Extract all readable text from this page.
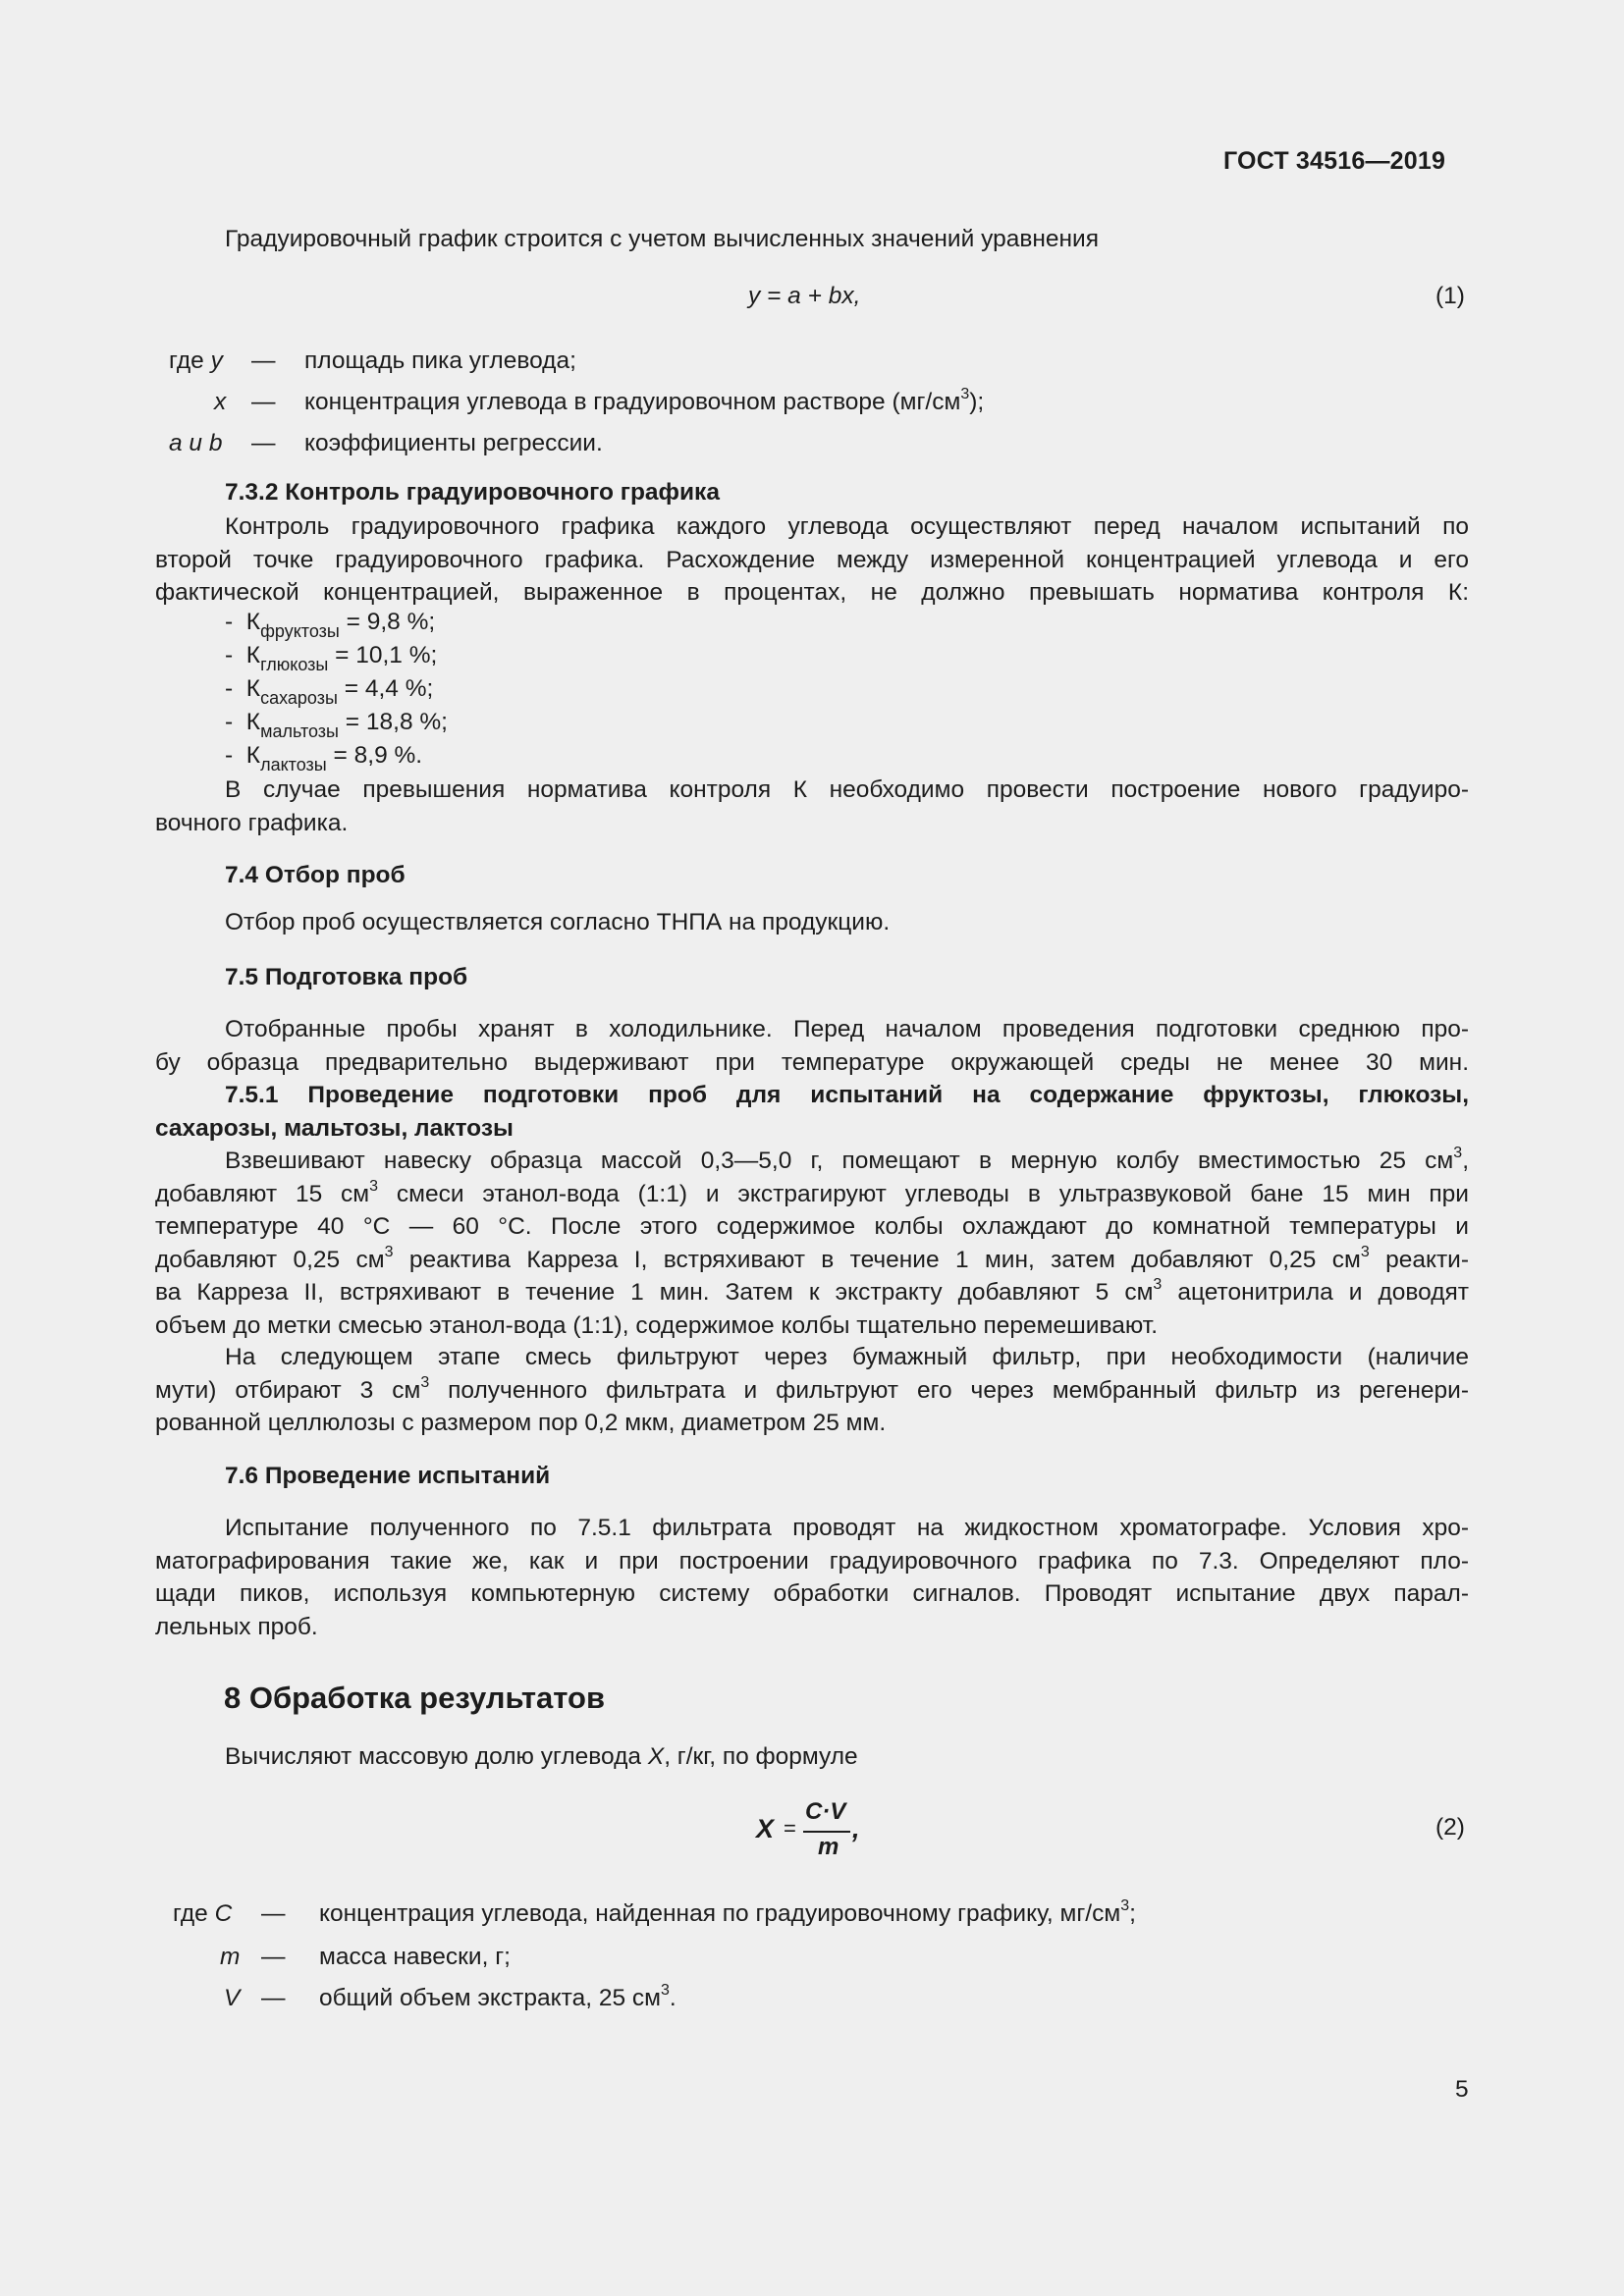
ГОСТ 34516—2019
Градуировочный график строится с учетом вычисленных значений уравнения
y = a + bx,	(1)
где y	— площадь пика углевода;
x — концентрация углевода в градуировочном растворе $(мг/см^3)$;
a и b — коэффициенты регрессии.
7.3.2 Контроль градуировочного графика
Контроль градуировочного графика каждого углевода осуществляют перед началом испытаний по
второй точке градуировочного графика. Расхождение между измеренной концентрацией углевода и его
фактической концентрацией, выраженное в процентах, не должно превышать норматива контроля К:
- $К_{фруктозы} = 9,8$ %;
- $К_{глюкозы} = 10,1$ %;
- $К_{сахарозы} = 4,4$ %;
- $К_{мальтозы} = 18,8$ %;
- $К_{лактозы} = 8,9$ %.
В случае превышения норматива контроля К необходимо провести построение нового градуиро-
вочного графика.
7.4 Отбор проб
Отбор проб осуществляется согласно ТНПА на продукцию.
7.5 Подготовка проб
Отобранные пробы хранят в холодильнике. Перед началом проведения подготовки среднюю про-
бу образца предварительно выдерживают при температуре окружающей среды не менее 30 мин.
7.5.1 Проведение подготовки проб для испытаний на содержание фруктозы, глюкозы,
сахарозы, мальтозы, лактозы
Взвешивают навеску образца массой 0,3—5,0 г, помещают в мерную колбу вместимостью 25 $см^3$,
добавляют 15 $см^3$ смеси этанол-вода (1:1) и экстрагируют углеводы в ультразвуковой бане 15 мин при
температуре 40 °С — 60 °С. После этого содержимое колбы охлаждают до комнатной температуры и
добавляют 0,25 $см^3$ реактива Карреза I, встряхивают в течение 1 мин, затем добавляют 0,25 $см^3$ реакти-
ва Карреза II, встряхивают в течение 1 мин. Затем к экстракту добавляют 5 $см^3$ ацетонитрила и доводят
объем до метки смесью этанол-вода (1:1), содержимое колбы тщательно перемешивают.
На следующем этапе смесь фильтруют через бумажный фильтр, при необходимости (наличие
мути) отбирают 3 $см^3$ полученного фильтрата и фильтруют его через мембранный фильтр из регенери-
рованной целлюлозы с размером пор 0,2 мкм, диаметром 25 мм.
7.6 Проведение испытаний
Испытание полученного по 7.5.1 фильтрата проводят на жидкостном хроматографе. Условия хро-
матографирования такие же, как и при построении градуировочного графика по 7.3. Определяют пло-
щади пиков, используя компьютерную систему обработки сигналов. Проводят испытание двух парал-
лельных проб.
8 Обработка результатов
Вычисляют массовую долю углевода X, г/кг, по формуле
X =
C·V
m
,	(2)
где C — концентрация углевода, найденная по градуировочному графику, $мг/см^3$;
m — масса навески, г;
V — общий объем экстракта, 25 $см^3$.
5
